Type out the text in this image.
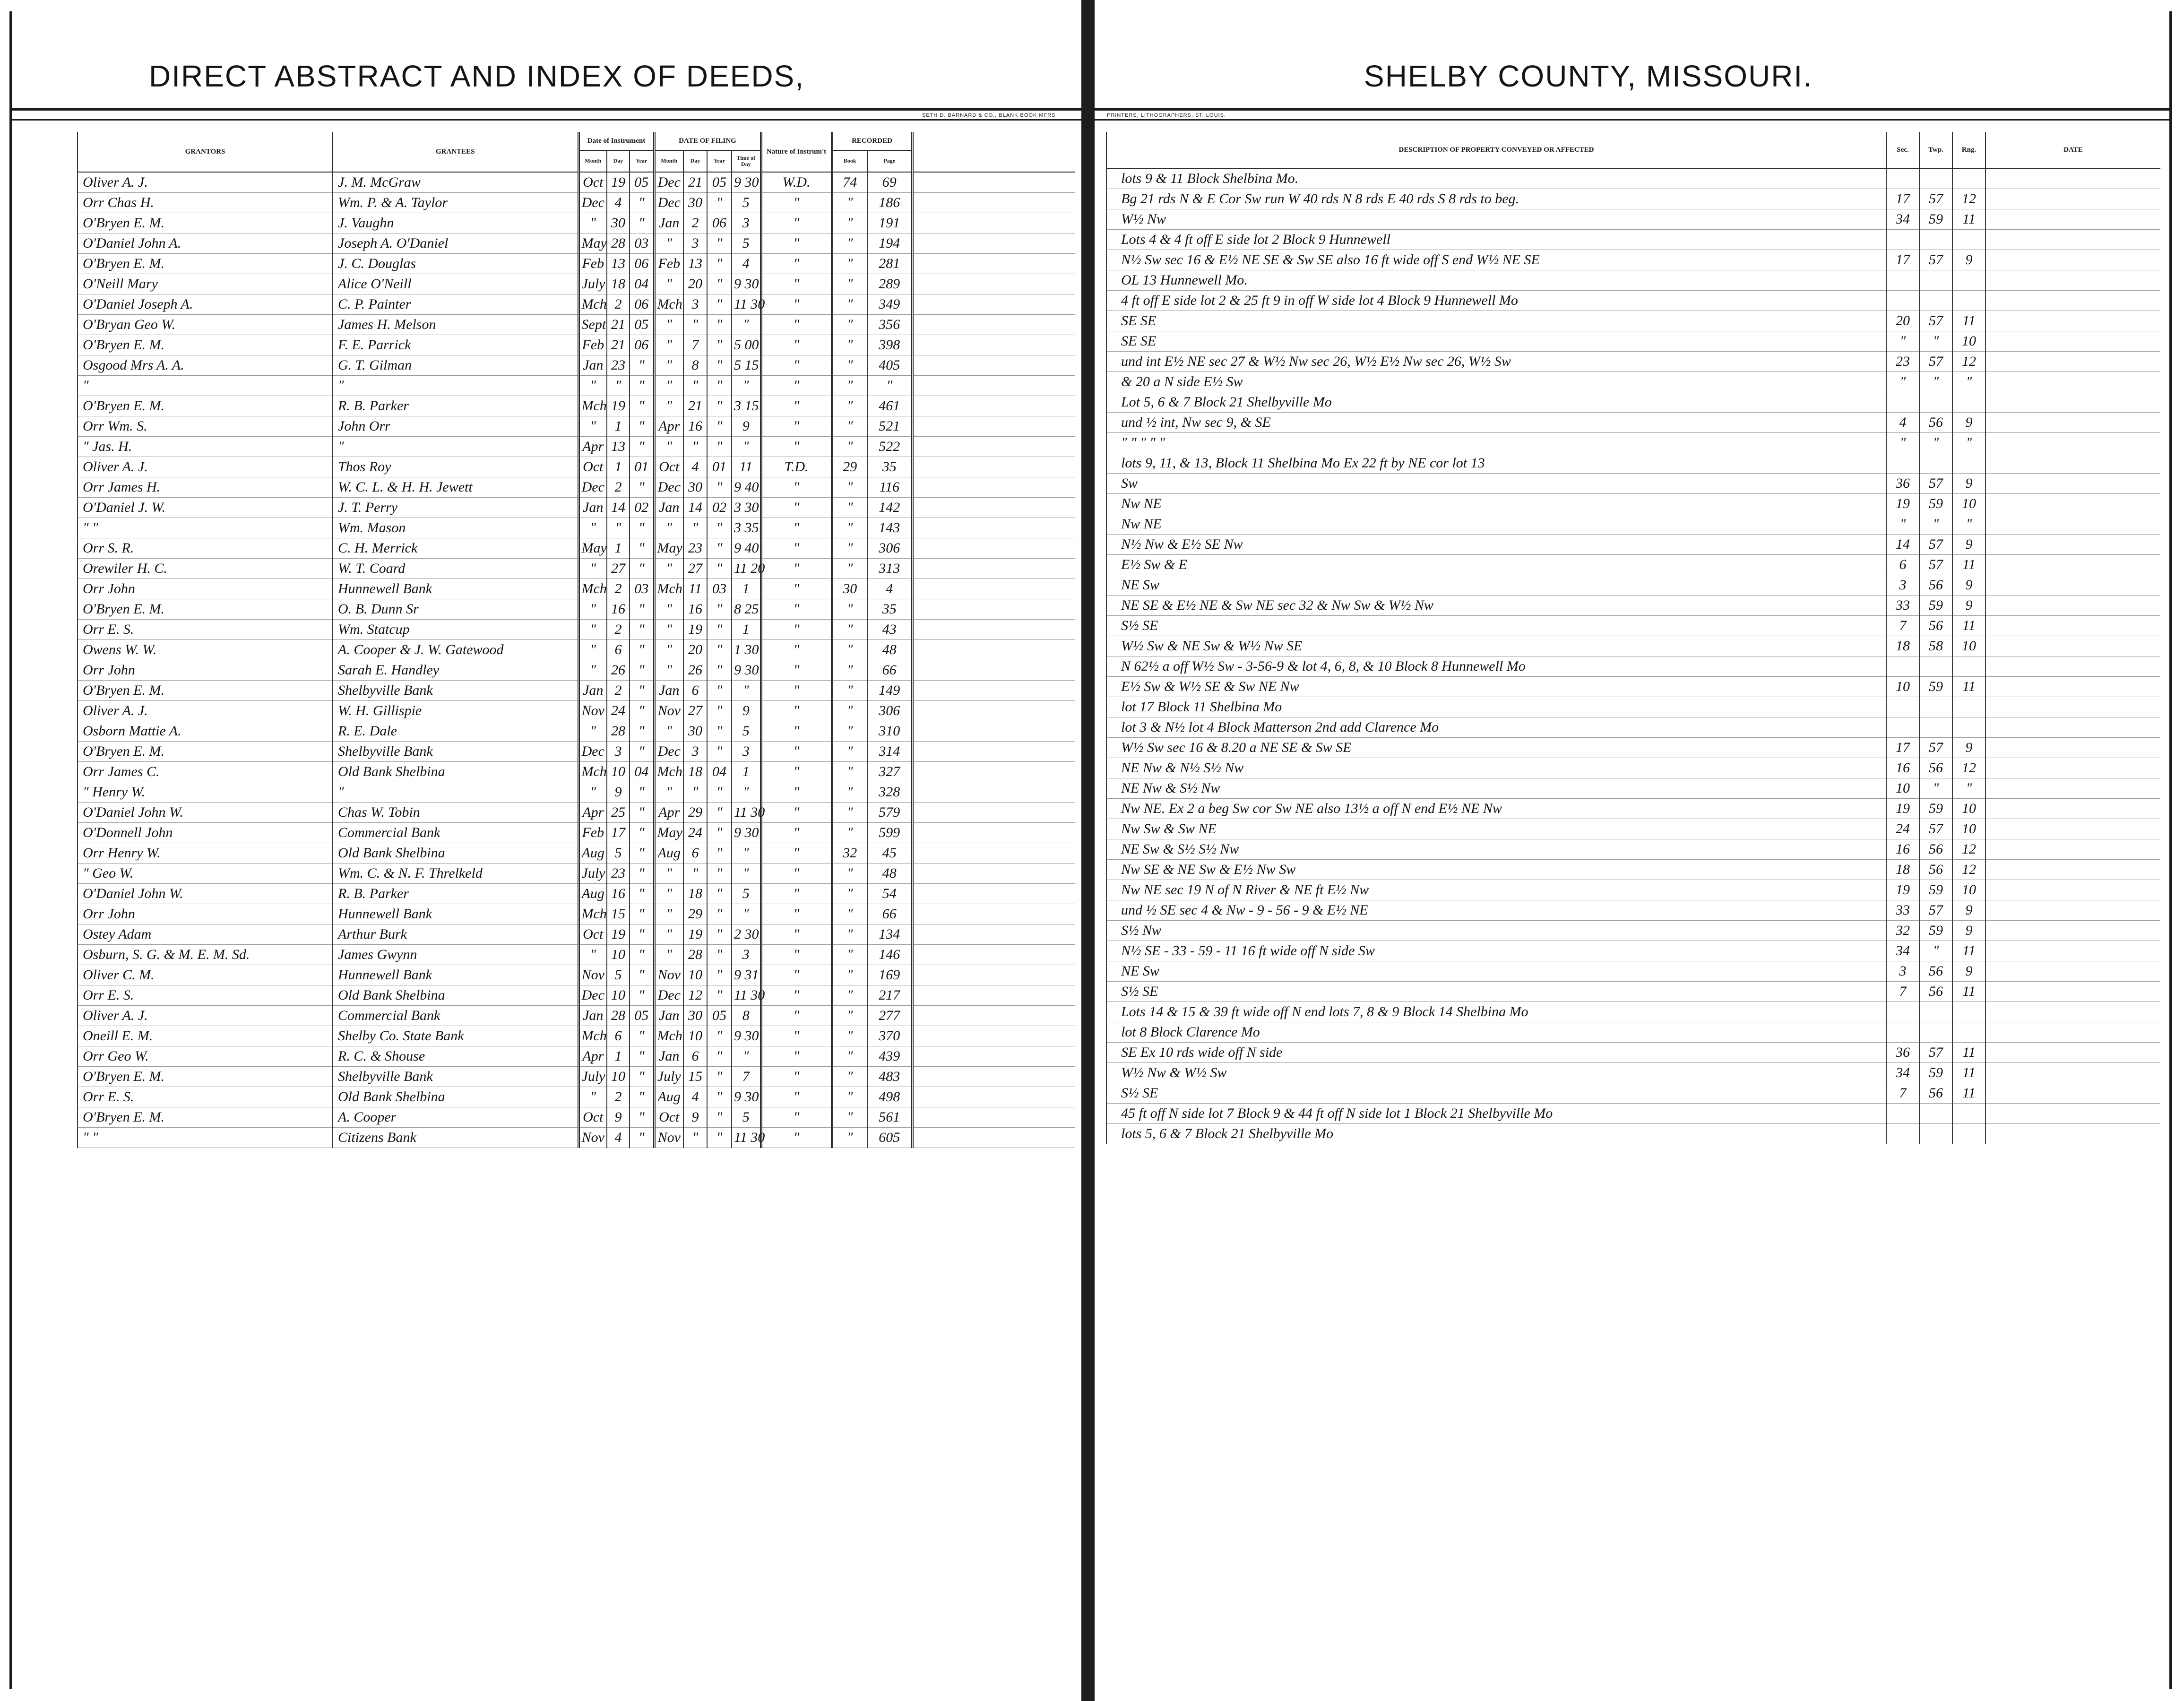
DIRECT ABSTRACT AND INDEX OF DEEDS,
SETH D. BARNARD & CO., BLANK BOOK MFRS
GRANTORS	GRANTEES	Date of Instrument			DATE OF FILING				Nature of Instrum't	RECORDED		
		Month	Day	Year	Month	Day	Year	Time of Day		Book	Page	
Oliver A. J.	J. M. McGraw	Oct	19	05	Dec	21	05	9 30	W.D.	74	69	
Orr Chas H.	Wm. P. & A. Taylor	Dec	4	"	Dec	30	"	5	"	"	186	
O'Bryen E. M.	J. Vaughn	"	30	"	Jan	2	06	3	"	"	191	
O'Daniel John A.	Joseph A. O'Daniel	May	28	03	"	3	"	5	"	"	194	
O'Bryen E. M.	J. C. Douglas	Feb	13	06	Feb	13	"	4	"	"	281	
O'Neill Mary	Alice O'Neill	July	18	04	"	20	"	9 30	"	"	289	
O'Daniel Joseph A.	C. P. Painter	Mch	2	06	Mch	3	"	11 30	"	"	349	
O'Bryan Geo W.	James H. Melson	Sept	21	05	"	"	"	"	"	"	356	
O'Bryen E. M.	F. E. Parrick	Feb	21	06	"	7	"	5 00	"	"	398	
Osgood Mrs A. A.	G. T. Gilman	Jan	23	"	"	8	"	5 15	"	"	405	
"	"	"	"	"	"	"	"	"	"	"	"	
O'Bryen E. M.	R. B. Parker	Mch	19	"	"	21	"	3 15	"	"	461	
Orr Wm. S.	John Orr	"	1	"	Apr	16	"	9	"	"	521	
" Jas. H.	"	Apr	13	"	"	"	"	"	"	"	522	
Oliver A. J.	Thos Roy	Oct	1	01	Oct	4	01	11	T.D.	29	35	
Orr James H.	W. C. L. & H. H. Jewett	Dec	2	"	Dec	30	"	9 40	"	"	116	
O'Daniel J. W.	J. T. Perry	Jan	14	02	Jan	14	02	3 30	"	"	142	
" "	Wm. Mason	"	"	"	"	"	"	3 35	"	"	143	
Orr S. R.	C. H. Merrick	May	1	"	May	23	"	9 40	"	"	306	
Orewiler H. C.	W. T. Coard	"	27	"	"	27	"	11 20	"	"	313	
Orr John	Hunnewell Bank	Mch	2	03	Mch	11	03	1	"	30	4	
O'Bryen E. M.	O. B. Dunn Sr	"	16	"	"	16	"	8 25	"	"	35	
Orr E. S.	Wm. Statcup	"	2	"	"	19	"	1	"	"	43	
Owens W. W.	A. Cooper & J. W. Gatewood	"	6	"	"	20	"	1 30	"	"	48	
Orr John	Sarah E. Handley	"	26	"	"	26	"	9 30	"	"	66	
O'Bryen E. M.	Shelbyville Bank	Jan	2	"	Jan	6	"	"	"	"	149	
Oliver A. J.	W. H. Gillispie	Nov	24	"	Nov	27	"	9	"	"	306	
Osborn Mattie A.	R. E. Dale	"	28	"	"	30	"	5	"	"	310	
O'Bryen E. M.	Shelbyville Bank	Dec	3	"	Dec	3	"	3	"	"	314	
Orr James C.	Old Bank Shelbina	Mch	10	04	Mch	18	04	1	"	"	327	
" Henry W.	"	"	9	"	"	"	"	"	"	"	328	
O'Daniel John W.	Chas W. Tobin	Apr	25	"	Apr	29	"	11 30	"	"	579	
O'Donnell John	Commercial Bank	Feb	17	"	May	24	"	9 30	"	"	599	
Orr Henry W.	Old Bank Shelbina	Aug	5	"	Aug	6	"	"	"	32	45	
" Geo W.	Wm. C. & N. F. Threlkeld	July	23	"	"	"	"	"	"	"	48	
O'Daniel John W.	R. B. Parker	Aug	16	"	"	18	"	5	"	"	54	
Orr John	Hunnewell Bank	Mch	15	"	"	29	"	"	"	"	66	
Ostey Adam	Arthur Burk	Oct	19	"	"	19	"	2 30	"	"	134	
Osburn, S. G. & M. E. M. Sd.	James Gwynn	"	10	"	"	28	"	3	"	"	146	
Oliver C. M.	Hunnewell Bank	Nov	5	"	Nov	10	"	9 31	"	"	169	
Orr E. S.	Old Bank Shelbina	Dec	10	"	Dec	12	"	11 30	"	"	217	
Oliver A. J.	Commercial Bank	Jan	28	05	Jan	30	05	8	"	"	277	
Oneill E. M.	Shelby Co. State Bank	Mch	6	"	Mch	10	"	9 30	"	"	370	
Orr Geo W.	R. C. & Shouse	Apr	1	"	Jan	6	"	"	"	"	439	
O'Bryen E. M.	Shelbyville Bank	July	10	"	July	15	"	7	"	"	483	
Orr E. S.	Old Bank Shelbina	"	2	"	Aug	4	"	9 30	"	"	498	
O'Bryen E. M.	A. Cooper	Oct	9	"	Oct	9	"	5	"	"	561	
" "	Citizens Bank	Nov	4	"	Nov	"	"	11 30	"	"	605	
SHELBY COUNTY, MISSOURI.
PRINTERS, LITHOGRAPHERS, ST. LOUIS.
DESCRIPTION OF PROPERTY CONVEYED OR AFFECTED	Sec.	Twp.	Rng.	DATE
lots 9 & 11 Block Shelbina Mo.				
Bg 21 rds N & E Cor Sw run W 40 rds N 8 rds E 40 rds S 8 rds to beg.	17	57	12	
W½ Nw	34	59	11	
Lots 4 & 4 ft off E side lot 2 Block 9 Hunnewell				
N½ Sw sec 16 & E½ NE SE & Sw SE also 16 ft wide off S end W½ NE SE	17	57	9	
OL 13 Hunnewell Mo.				
4 ft off E side lot 2 & 25 ft 9 in off W side lot 4 Block 9 Hunnewell Mo				
SE SE	20	57	11	
SE SE	"	"	10	
und int E½ NE sec 27 & W½ Nw sec 26, W½ E½ Nw sec 26, W½ Sw	23	57	12	
& 20 a N side E½ Sw	"	"	"	
Lot 5, 6 & 7 Block 21 Shelbyville Mo				
und ½ int, Nw sec 9, & SE	4	56	9	
" " " " "	"	"	"	
lots 9, 11, & 13, Block 11 Shelbina Mo Ex 22 ft by NE cor lot 13				
Sw	36	57	9	
Nw NE	19	59	10	
Nw NE	"	"	"	
N½ Nw & E½ SE Nw	14	57	9	
E½ Sw & E	6	57	11	
NE Sw	3	56	9	
NE SE & E½ NE & Sw NE sec 32 & Nw Sw & W½ Nw	33	59	9	
S½ SE	7	56	11	
W½ Sw & NE Sw & W½ Nw SE	18	58	10	
N 62½ a off W½ Sw - 3-56-9 & lot 4, 6, 8, & 10 Block 8 Hunnewell Mo				
E½ Sw & W½ SE & Sw NE Nw	10	59	11	
lot 17 Block 11 Shelbina Mo				
lot 3 & N½ lot 4 Block Matterson 2nd add Clarence Mo				
W½ Sw sec 16 & 8.20 a NE SE & Sw SE	17	57	9	
NE Nw & N½ S½ Nw	16	56	12	
NE Nw & S½ Nw	10	"	"	
Nw NE. Ex 2 a beg Sw cor Sw NE also 13½ a off N end E½ NE Nw	19	59	10	
Nw Sw & Sw NE	24	57	10	
NE Sw & S½ S½ Nw	16	56	12	
Nw SE & NE Sw & E½ Nw Sw	18	56	12	
Nw NE sec 19 N of N River & NE ft E½ Nw	19	59	10	
und ½ SE sec 4 & Nw - 9 - 56 - 9 & E½ NE	33	57	9	
S½ Nw	32	59	9	
N½ SE - 33 - 59 - 11 16 ft wide off N side Sw	34	"	11	
NE Sw	3	56	9	
S½ SE	7	56	11	
Lots 14 & 15 & 39 ft wide off N end lots 7, 8 & 9 Block 14 Shelbina Mo				
lot 8 Block Clarence Mo				
SE Ex 10 rds wide off N side	36	57	11	
W½ Nw & W½ Sw	34	59	11	
S½ SE	7	56	11	
45 ft off N side lot 7 Block 9 & 44 ft off N side lot 1 Block 21 Shelbyville Mo				
lots 5, 6 & 7 Block 21 Shelbyville Mo				
